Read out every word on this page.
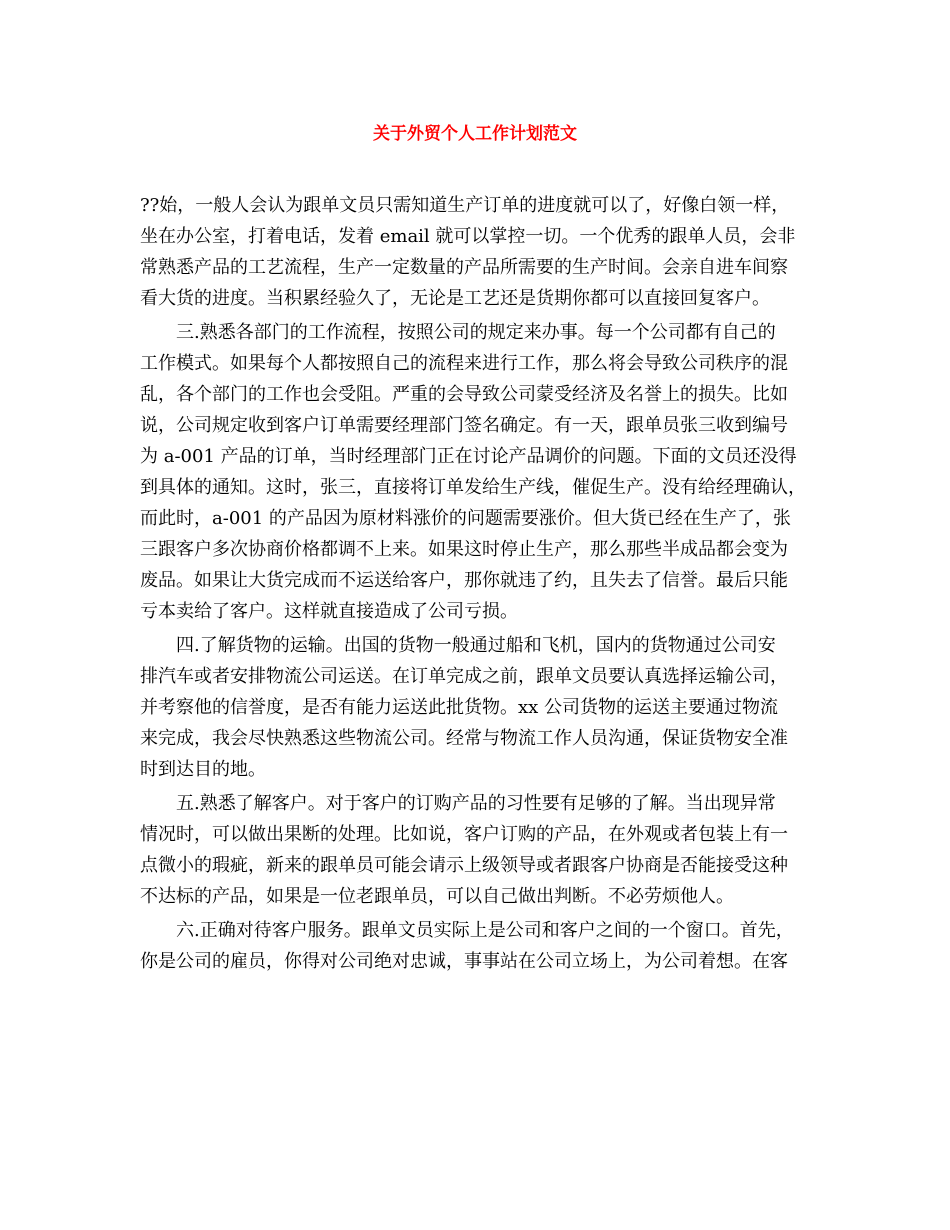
关于外贸个人工作计划范文
??始，一般人会认为跟单文员只需知道生产订单的进度就可以了，好像白领一样，
坐在办公室，打着电话，发着 email 就可以掌控一切。一个优秀的跟单人员，会非
常熟悉产品的工艺流程，生产一定数量的产品所需要的生产时间。会亲自进车间察
看大货的进度。当积累经验久了，无论是工艺还是货期你都可以直接回复客户。
三.熟悉各部门的工作流程，按照公司的规定来办事。每一个公司都有自己的
工作模式。如果每个人都按照自己的流程来进行工作，那么将会导致公司秩序的混
乱，各个部门的工作也会受阻。严重的会导致公司蒙受经济及名誉上的损失。比如
说，公司规定收到客户订单需要经理部门签名确定。有一天，跟单员张三收到编号
为 a-001 产品的订单，当时经理部门正在讨论产品调价的问题。下面的文员还没得
到具体的通知。这时，张三，直接将订单发给生产线，催促生产。没有给经理确认，
而此时，a-001 的产品因为原材料涨价的问题需要涨价。但大货已经在生产了，张
三跟客户多次协商价格都调不上来。如果这时停止生产，那么那些半成品都会变为
废品。如果让大货完成而不运送给客户，那你就违了约，且失去了信誉。最后只能
亏本卖给了客户。这样就直接造成了公司亏损。
四.了解货物的运输。出国的货物一般通过船和飞机，国内的货物通过公司安
排汽车或者安排物流公司运送。在订单完成之前，跟单文员要认真选择运输公司，
并考察他的信誉度，是否有能力运送此批货物。xx 公司货物的运送主要通过物流
来完成，我会尽快熟悉这些物流公司。经常与物流工作人员沟通，保证货物安全准
时到达目的地。
五.熟悉了解客户。对于客户的订购产品的习性要有足够的了解。当出现异常
情况时，可以做出果断的处理。比如说，客户订购的产品，在外观或者包装上有一
点微小的瑕疵，新来的跟单员可能会请示上级领导或者跟客户协商是否能接受这种
不达标的产品，如果是一位老跟单员，可以自己做出判断。不必劳烦他人。
六.正确对待客户服务。跟单文员实际上是公司和客户之间的一个窗口。首先，
你是公司的雇员，你得对公司绝对忠诚，事事站在公司立场上，为公司着想。在客
